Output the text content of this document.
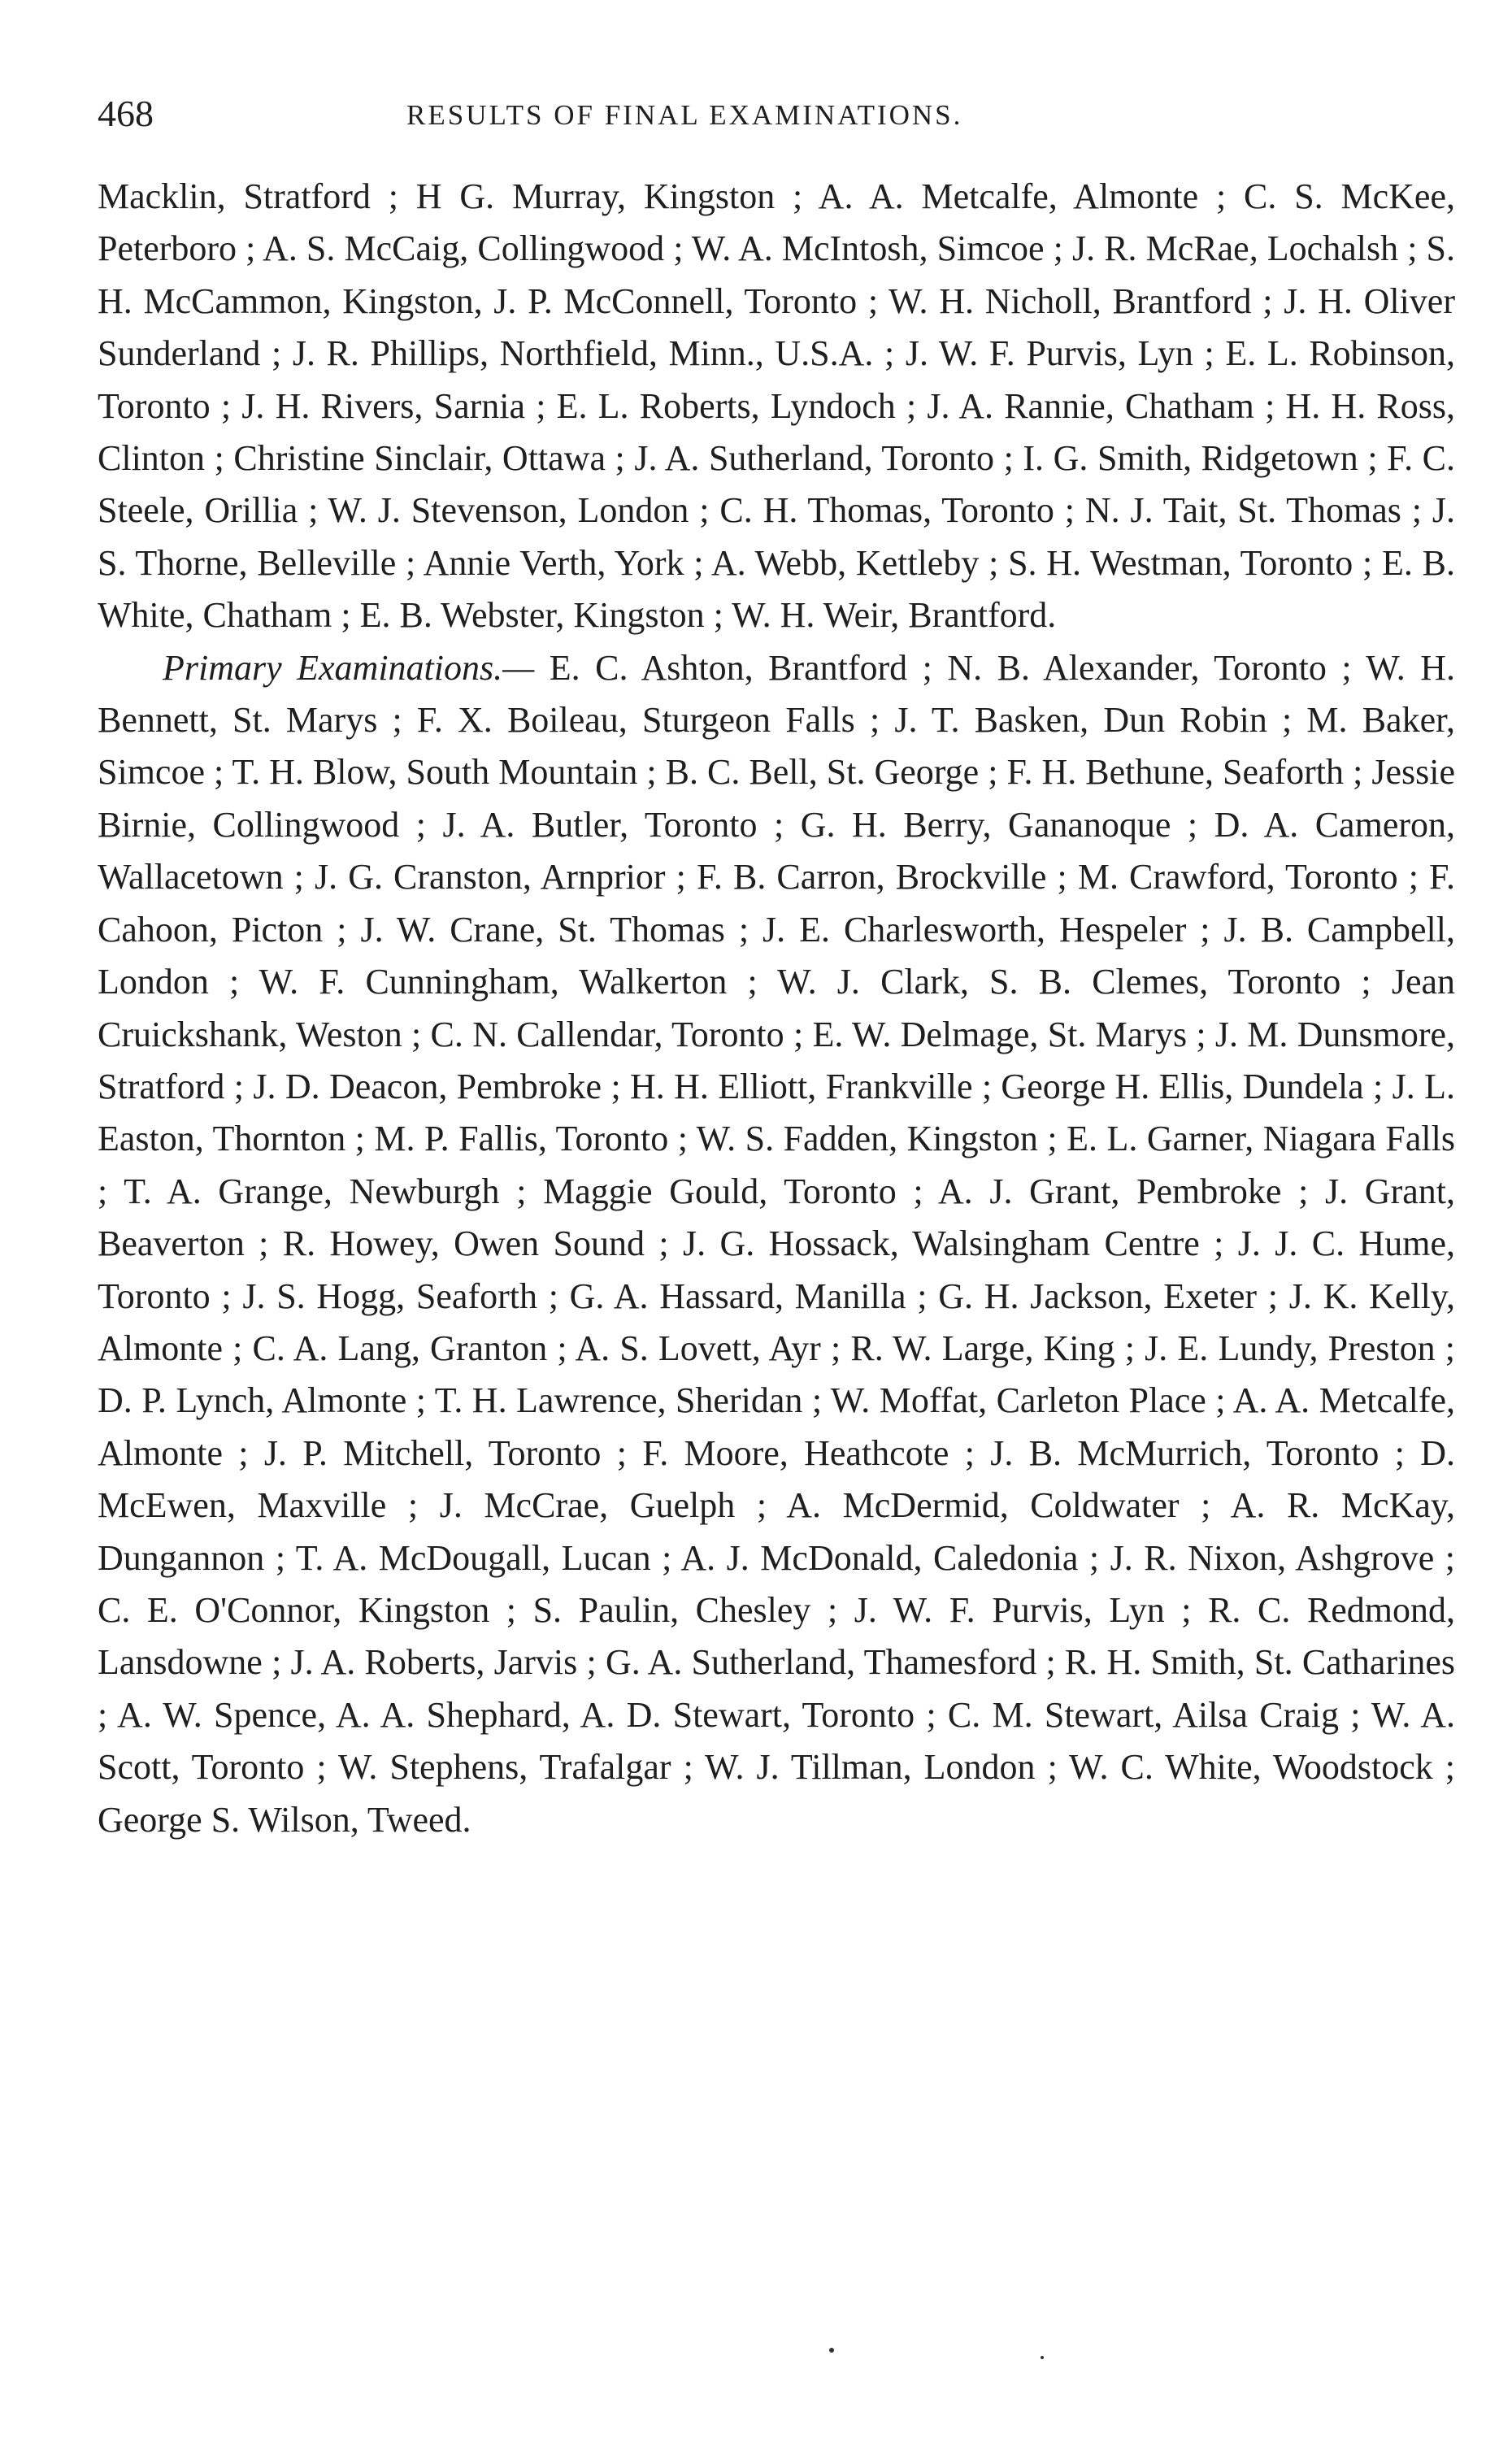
468	RESULTS OF FINAL EXAMINATIONS.

Macklin, Stratford ; H G. Murray, Kingston ; A. A. Metcalfe, Almonte ; C. S. McKee, Peterboro ; A. S. McCaig, Collingwood ; W. A. McIntosh, Simcoe ; J. R. McRae, Lochalsh ; S. H. McCammon, Kingston, J. P. McConnell, Toronto ; W. H. Nicholl, Brantford ; J. H. Oliver Sunderland ; J. R. Phillips, Northfield, Minn., U.S.A. ; J. W. F. Purvis, Lyn ; E. L. Robinson, Toronto ; J. H. Rivers, Sarnia ; E. L. Roberts, Lyndoch ; J. A. Rannie, Chatham ; H. H. Ross, Clinton ; Christine Sinclair, Ottawa ; J. A. Sutherland, Toronto ; I. G. Smith, Ridgetown ; F. C. Steele, Orillia ; W. J. Stevenson, London ; C. H. Thomas, Toronto ; N. J. Tait, St. Thomas ; J. S. Thorne, Belleville ; Annie Verth, York ; A. Webb, Kettleby ; S. H. Westman, Toronto ; E. B. White, Chatham ; E. B. Webster, Kingston ; W. H. Weir, Brantford.

Primary Examinations.— E. C. Ashton, Brantford ; N. B. Alexander, Toronto ; W. H. Bennett, St. Marys ; F. X. Boileau, Sturgeon Falls ; J. T. Basken, Dun Robin ; M. Baker, Simcoe ; T. H. Blow, South Mountain ; B. C. Bell, St. George ; F. H. Bethune, Seaforth ; Jessie Birnie, Collingwood ; J. A. Butler, Toronto ; G. H. Berry, Gananoque ; D. A. Cameron, Wallacetown ; J. G. Cranston, Arnprior ; F. B. Carron, Brockville ; M. Crawford, Toronto ; F. Cahoon, Picton ; J. W. Crane, St. Thomas ; J. E. Charlesworth, Hespeler ; J. B. Campbell, London ; W. F. Cunningham, Walkerton ; W. J. Clark, S. B. Clemes, Toronto ; Jean Cruickshank, Weston ; C. N. Callendar, Toronto ; E. W. Delmage, St. Marys ; J. M. Dunsmore, Stratford ; J. D. Deacon, Pembroke ; H. H. Elliott, Frankville ; George H. Ellis, Dundela ; J. L. Easton, Thornton ; M. P. Fallis, Toronto ; W. S. Fadden, Kingston ; E. L. Garner, Niagara Falls ; T. A. Grange, Newburgh ; Maggie Gould, Toronto ; A. J. Grant, Pembroke ; J. Grant, Beaverton ; R. Howey, Owen Sound ; J. G. Hossack, Walsingham Centre ; J. J. C. Hume, Toronto ; J. S. Hogg, Seaforth ; G. A. Hassard, Manilla ; G. H. Jackson, Exeter ; J. K. Kelly, Almonte ; C. A. Lang, Granton ; A. S. Lovett, Ayr ; R. W. Large, King ; J. E. Lundy, Preston ; D. P. Lynch, Almonte ; T. H. Lawrence, Sheridan ; W. Moffat, Carleton Place ; A. A. Metcalfe, Almonte ; J. P. Mitchell, Toronto ; F. Moore, Heathcote ; J. B. McMurrich, Toronto ; D. McEwen, Maxville ; J. McCrae, Guelph ; A. McDermid, Coldwater ; A. R. McKay, Dungannon ; T. A. McDougall, Lucan ; A. J. McDonald, Caledonia ; J. R. Nixon, Ashgrove ; C. E. O'Connor, Kingston ; S. Paulin, Chesley ; J. W. F. Purvis, Lyn ; R. C. Redmond, Lansdowne ; J. A. Roberts, Jarvis ; G. A. Sutherland, Thamesford ; R. H. Smith, St. Catharines ; A. W. Spence, A. A. Shephard, A. D. Stewart, Toronto ; C. M. Stewart, Ailsa Craig ; W. A. Scott, Toronto ; W. Stephens, Trafalgar ; W. J. Tillman, London ; W. C. White, Woodstock ; George S. Wilson, Tweed.
